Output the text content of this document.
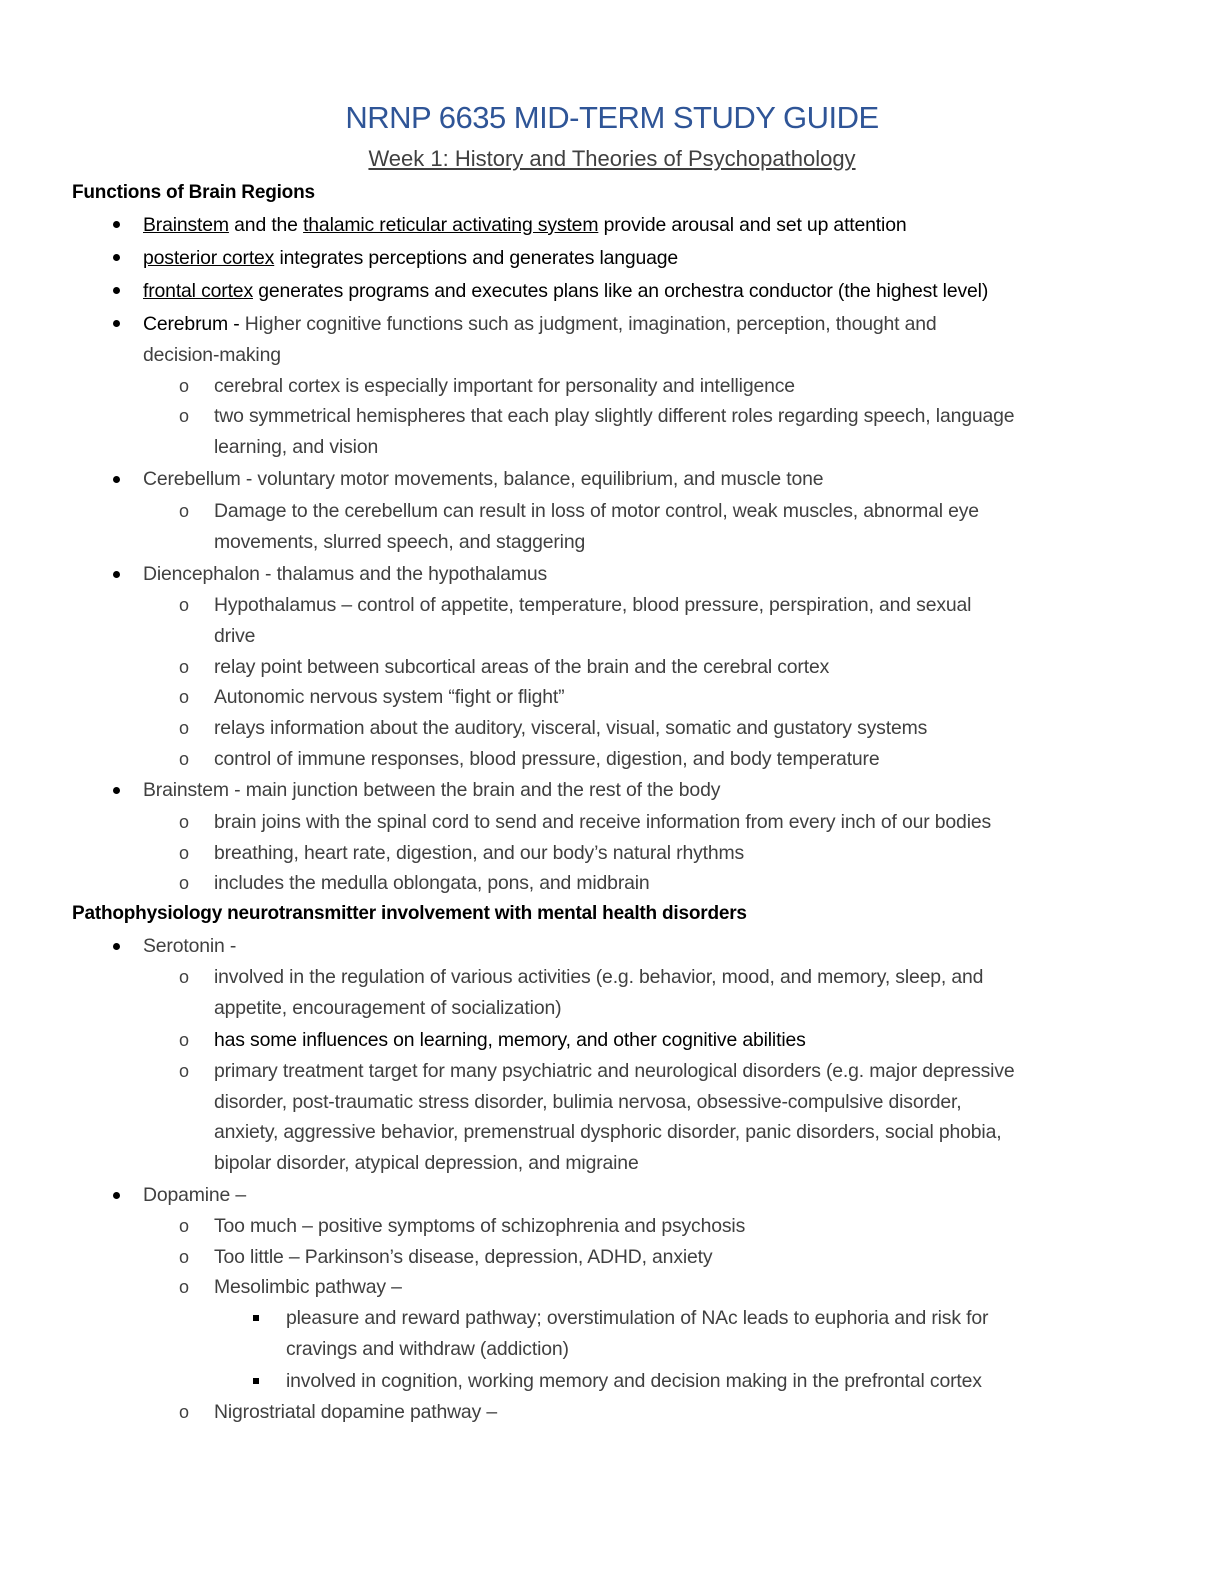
NRNP 6635 MID-TERM STUDY GUIDE
Week 1: History and Theories of Psychopathology
Functions of Brain Regions
Brainstem and the thalamic reticular activating system provide arousal and set up attention
posterior cortex integrates perceptions and generates language
frontal cortex generates programs and executes plans like an orchestra conductor (the highest level)
Cerebrum - Higher cognitive functions such as judgment, imagination, perception, thought and
decision-making
o cerebral cortex is especially important for personality and intelligence
o two symmetrical hemispheres that each play slightly different roles regarding speech, language
learning, and vision
Cerebellum - voluntary motor movements, balance, equilibrium, and muscle tone
o Damage to the cerebellum can result in loss of motor control, weak muscles, abnormal eye
movements, slurred speech, and staggering
Diencephalon - thalamus and the hypothalamus
o Hypothalamus – control of appetite, temperature, blood pressure, perspiration, and sexual
drive
o relay point between subcortical areas of the brain and the cerebral cortex
o Autonomic nervous system “fight or flight”
o relays information about the auditory, visceral, visual, somatic and gustatory systems
o control of immune responses, blood pressure, digestion, and body temperature
Brainstem - main junction between the brain and the rest of the body
o brain joins with the spinal cord to send and receive information from every inch of our bodies
o breathing, heart rate, digestion, and our body’s natural rhythms
o includes the medulla oblongata, pons, and midbrain
Pathophysiology neurotransmitter involvement with mental health disorders
Serotonin -
o involved in the regulation of various activities (e.g. behavior, mood, and memory, sleep, and
appetite, encouragement of socialization)
o has some influences on learning, memory, and other cognitive abilities
o primary treatment target for many psychiatric and neurological disorders (e.g. major depressive
disorder, post-traumatic stress disorder, bulimia nervosa, obsessive-compulsive disorder,
anxiety, aggressive behavior, premenstrual dysphoric disorder, panic disorders, social phobia,
bipolar disorder, atypical depression, and migraine
Dopamine –
o Too much – positive symptoms of schizophrenia and psychosis
o Too little – Parkinson’s disease, depression, ADHD, anxiety
o Mesolimbic pathway –
pleasure and reward pathway; overstimulation of NAc leads to euphoria and risk for
cravings and withdraw (addiction)
involved in cognition, working memory and decision making in the prefrontal cortex
o Nigrostriatal dopamine pathway –
